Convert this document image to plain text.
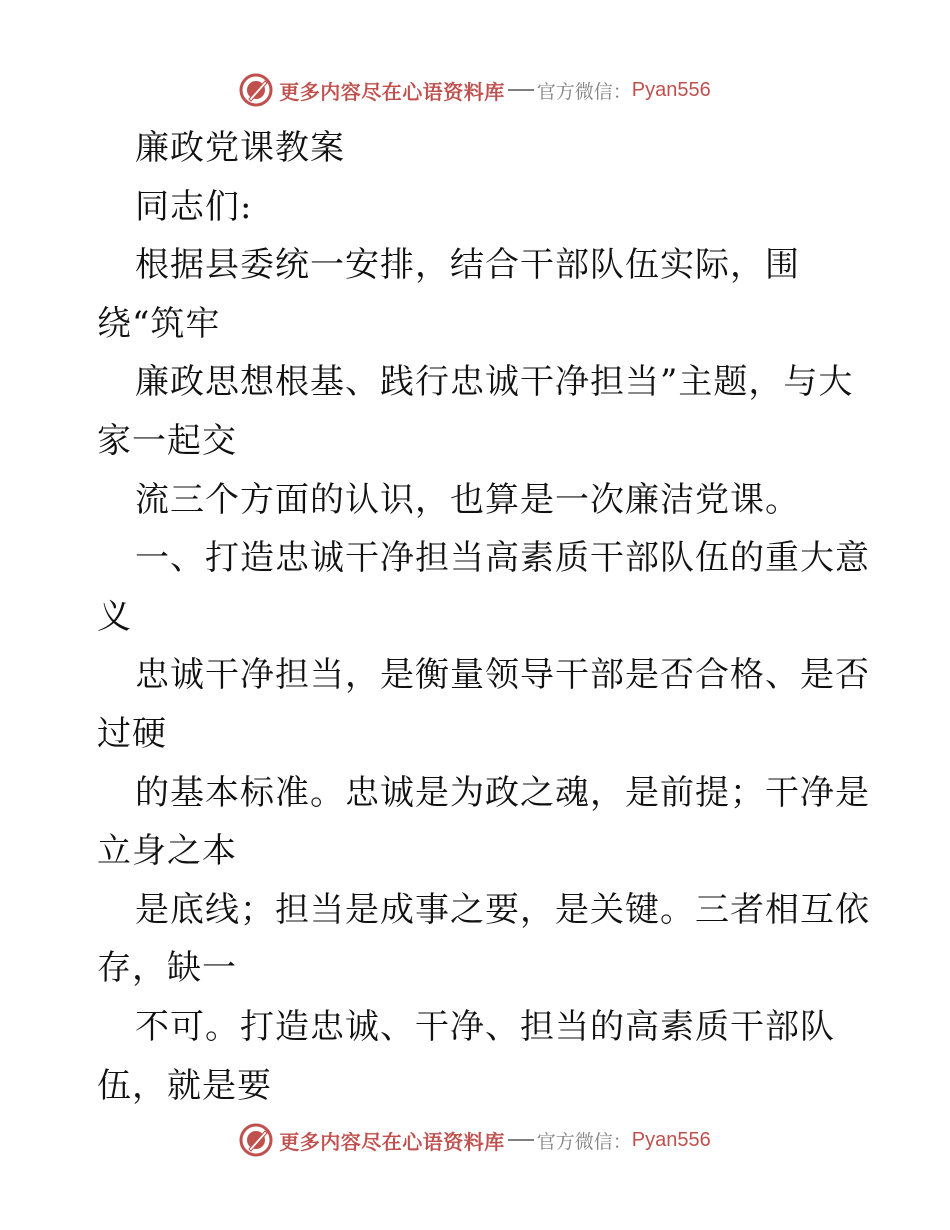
更多内容尽在心语资料库 官方微信： Pyan556
廉政党课教案
同志们:
根据县委统一安排，结合干部队伍实际，围
绕“筑牢
廉政思想根基、践行忠诚干净担当”主题，与大
家一起交
流三个方面的认识，也算是一次廉洁党课。
一、打造忠诚干净担当高素质干部队伍的重大意
义
忠诚干净担当，是衡量领导干部是否合格、是否
过硬
的基本标准。忠诚是为政之魂，是前提；干净是
立身之本
是底线；担当是成事之要，是关键。三者相互依
存，缺一
不可。打造忠诚、干净、担当的高素质干部队
伍，就是要
更多内容尽在心语资料库 官方微信： Pyan556
